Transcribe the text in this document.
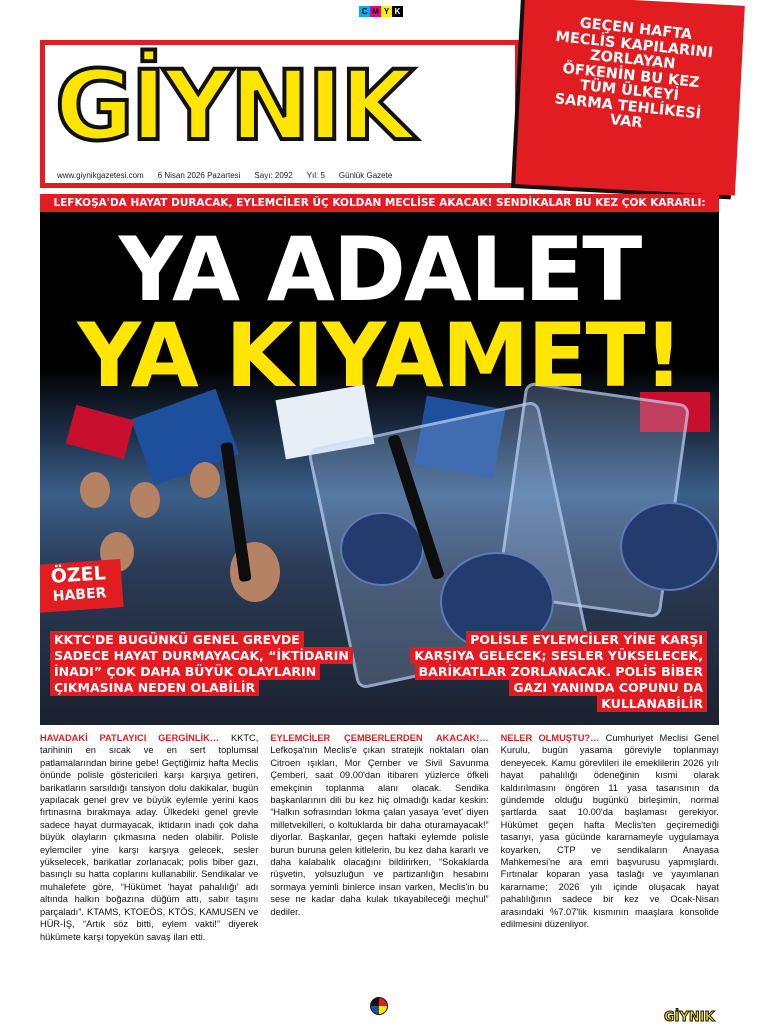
C M Y K
GİYNIK
www.giynikgazetesi.com 6 Nisan 2026 Pazartesi Sayı: 2092 Yıl: 5 Günlük Gazete
GEÇEN HAFTA MECLİS KAPILARINI ZORLAYAN ÖFKENİN BU KEZ TÜM ÜLKEYİ SARMA TEHLİKESİ VAR
LEFKOŞA'DA HAYAT DURACAK, EYLEMCİLER ÜÇ KOLDAN MECLİSE AKACAK! SENDİKALAR BU KEZ ÇOK KARARLI:
YA ADALET
YA KIYAMET!
ÖZEL
HABER
KKTC'DE BUGÜNKÜ GENEL GREVDE SADECE HAYAT DURMAYACAK, “İKTİDARIN İNADI” ÇOK DAHA BÜYÜK OLAYLARIN ÇIKMASINA NEDEN OLABİLİR
POLİSLE EYLEMCİLER YİNE KARŞI KARŞIYA GELECEK; SESLER YÜKSELECEK, BARİKATLAR ZORLANACAK. POLİS BİBER GAZI YANINDA COPUNU DA KULLANABİLİR
HAVADAKİ PATLAYICI GERGİNLİK… KKTC, tarihinin en sıcak ve en sert toplumsal patlamalarından birine gebe! Geçtiğimiz hafta Meclis önünde polisle göstericileri karşı karşıya getiren, barikatların sarsıldığı tansiyon dolu dakikalar, bugün yapılacak genel grev ve büyük eylemle yerini kaos fırtınasına bırakmaya aday. Ülkedeki genel grevle sadece hayat durmayacak, iktidarın inadı çok daha büyük olayların çıkmasına neden olabilir. Polisle eylemciler yine karşı karşıya gelecek, sesler yükselecek, barikatlar zorlanacak; polis biber gazı, basınçlı su hatta coplarını kullanabilir. Sendikalar ve muhalefete göre, “Hükümet 'hayat pahalılığı' adı altında halkın boğazına düğüm attı, sabır taşını parçaladı”. KTAMS, KTOEÖS, KTÖS, KAMUSEN ve HÜR-İŞ, “Artık söz bitti, eylem vakti!” diyerek hükümete karşı topyekün savaş ilan etti.
EYLEMCİLER ÇEMBERLERDEN AKACAK!… Lefkoşa'nın Meclis'e çıkan stratejik noktaları olan Citroen ışıkları, Mor Çember ve Sivil Savunma Çemberi, saat 09.00'dan itibaren yüzlerce öfkeli emekçinin toplanma alanı olacak. Sendika başkanlarının dili bu kez hiç olmadığı kadar keskin: “Halkın sofrasından lokma çalan yasaya 'evet' diyen milletvekilleri, o koltuklarda bir daha oturamayacak!” diyorlar. Başkanlar, geçen haftaki eylemde polisle burun buruna gelen kitlelerin, bu kez daha kararlı ve daha kalabalık olacağını bildirirken, “Sokaklarda rüşvetin, yolsuzluğun ve partizanlığın hesabını sormaya yeminli binlerce insan varken, Meclis'in bu sese ne kadar daha kulak tıkayabileceği meçhul” dediler.
NELER OLMUŞTU?… Cumhuriyet Meclisi Genel Kurulu, bugün yasama göreviyle toplanmayı deneyecek. Kamu görevlileri ile emeklilerin 2026 yılı hayat pahalılığı ödeneğinin kısmi olarak kaldırılmasını öngören 11 yasa tasarısının da gündemde olduğu bugünkü birleşimin, normal şartlarda saat 10.00'da başlaması gerekiyor. Hükümet geçen hafta Meclis'ten geçiremediği tasarıyı, yasa gücünde kararnameyle uygulamaya koyarken, CTP ve sendikaların Anayasa Mahkemesi'ne ara emri başvurusu yapmışlardı. Fırtınalar koparan yasa taslağı ve yayımlanan kararname; 2026 yılı içinde oluşacak hayat pahalılığının sadece bir kez ve Ocak-Nisan arasındaki %7.07'lik kısmının maaşlara konsolide edilmesini düzenliyor.
GİYNIK
